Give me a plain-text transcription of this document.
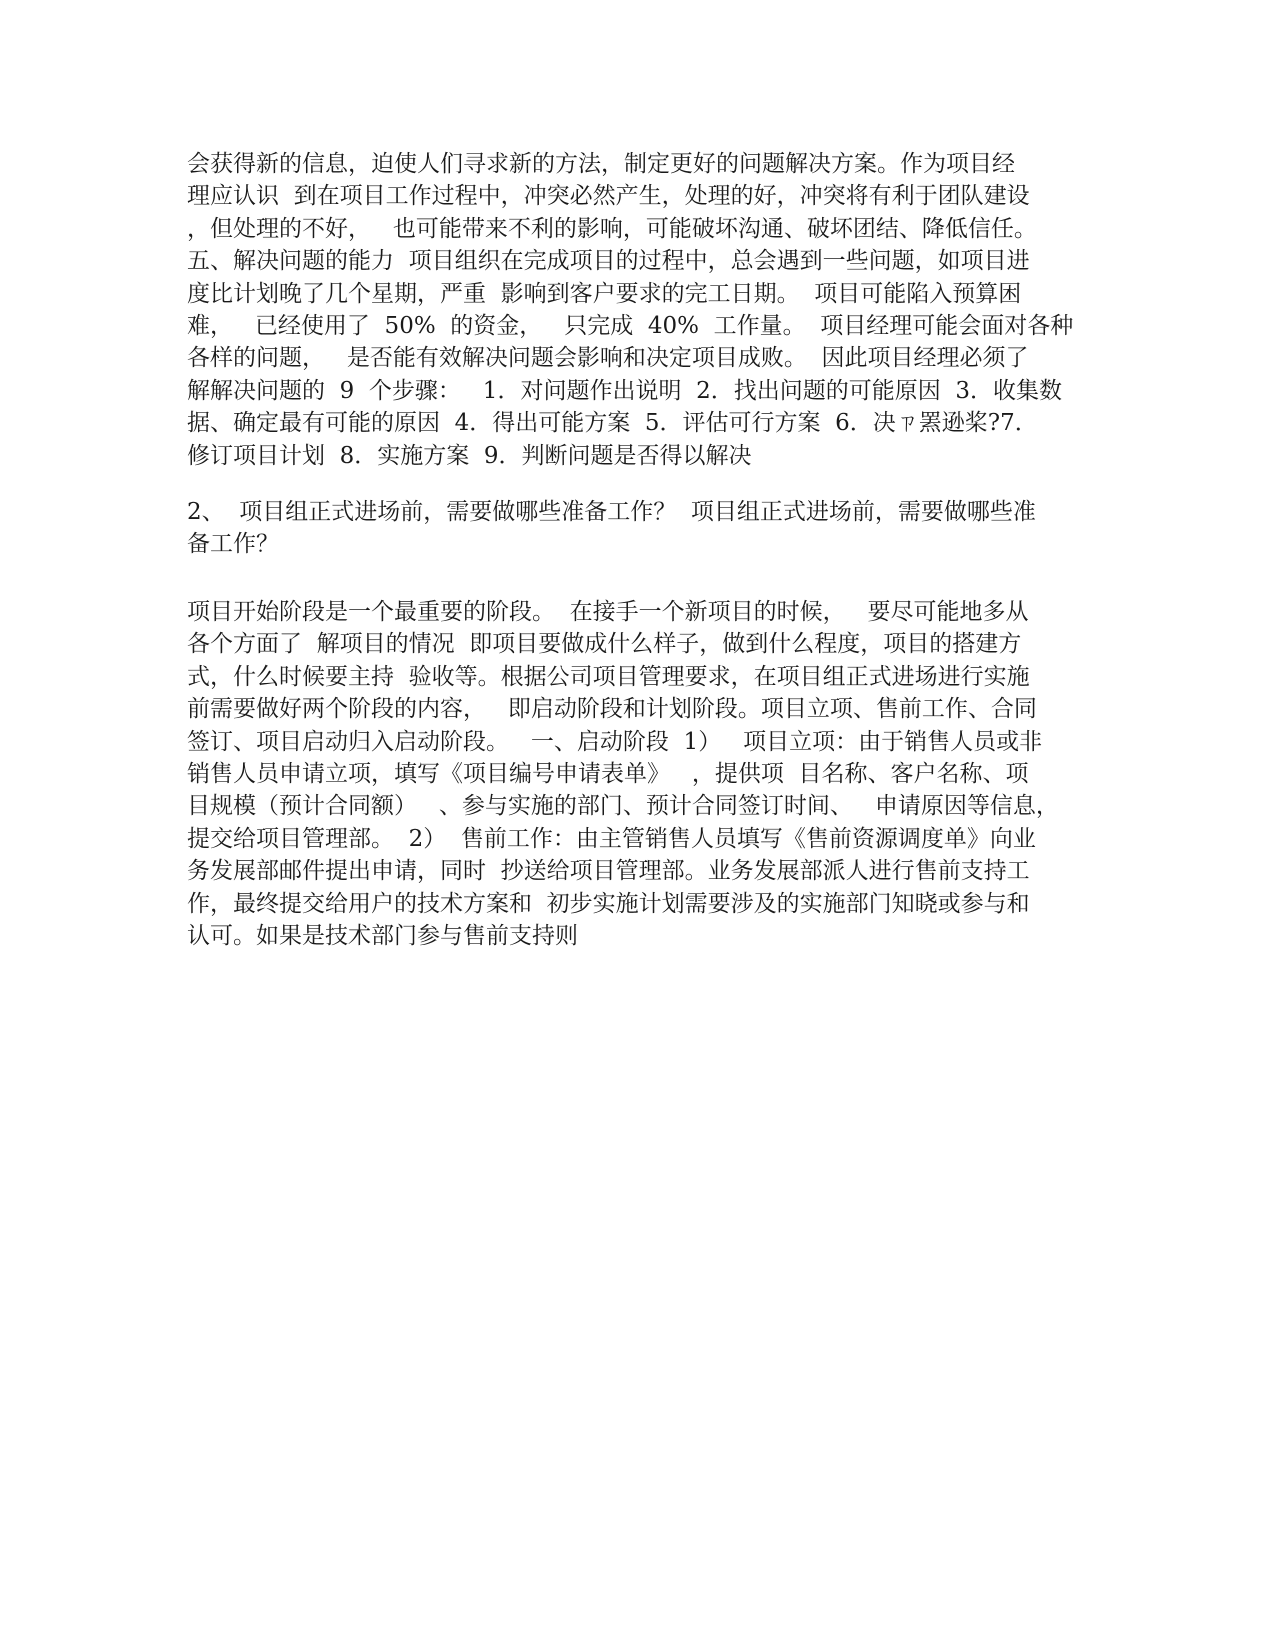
会获得新的信息，迫使人们寻求新的方法，制定更好的问题解决方案。作为项目经
理应认识  到在项目工作过程中，冲突必然产生，处理的好，冲突将有利于团队建设
，但处理的不好，   也可能带来不利的影响，可能破坏沟通、破坏团结、降低信任。
五、解决问题的能力  项目组织在完成项目的过程中，总会遇到一些问题，如项目进
度比计划晚了几个星期，严重  影响到客户要求的完工日期。  项目可能陷入预算困
难，   已经使用了  50%  的资金，   只完成  40%  工作量。  项目经理可能会面对各种
各样的问题，   是否能有效解决问题会影响和决定项目成败。  因此项目经理必须了
解解决问题的  9  个步骤：   1．对问题作出说明  2．找出问题的可能原因  3．收集数
据、确定最有可能的原因  4．得出可能方案  5．评估可行方案  6．决ㄗ罴逊桨?7．
修订项目计划  8．实施方案  9．判断问题是否得以解决
2、  项目组正式进场前，需要做哪些准备工作？  项目组正式进场前，需要做哪些准
备工作？
项目开始阶段是一个最重要的阶段。  在接手一个新项目的时候，   要尽可能地多从
各个方面了  解项目的情况  即项目要做成什么样子，做到什么程度，项目的搭建方
式，什么时候要主持  验收等。根据公司项目管理要求，在项目组正式进场进行实施
前需要做好两个阶段的内容，   即启动阶段和计划阶段。项目立项、售前工作、合同
签订、项目启动归入启动阶段。   一、启动阶段  1）   项目立项：由于销售人员或非
销售人员申请立项，填写《项目编号申请表单》   ，提供项  目名称、客户名称、项
目规模（预计合同额）   、参与实施的部门、预计合同签订时间、   申请原因等信息，
提交给项目管理部。  2）  售前工作：由主管销售人员填写《售前资源调度单》向业
务发展部邮件提出申请，同时  抄送给项目管理部。业务发展部派人进行售前支持工
作，最终提交给用户的技术方案和  初步实施计划需要涉及的实施部门知晓或参与和
认可。如果是技术部门参与售前支持则
